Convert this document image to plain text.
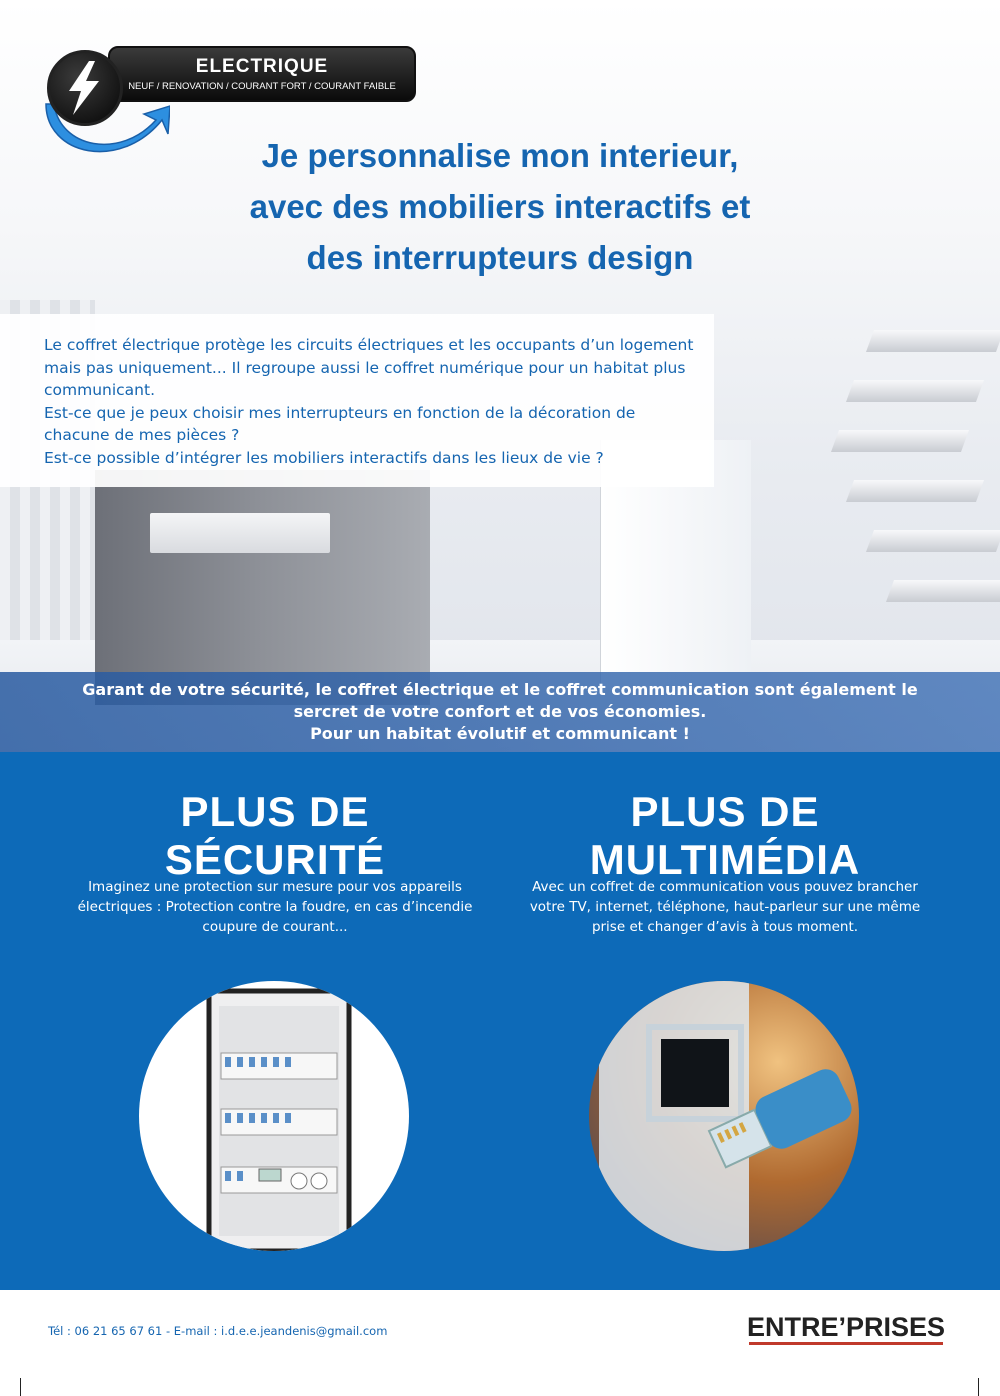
ELECTRIQUE
NEUF / RENOVATION / COURANT FORT / COURANT FAIBLE
Je personnalise mon interieur,
avec des mobiliers interactifs et
des interrupteurs design

Le coffret électrique protège les circuits électriques et les occupants d’un logement mais pas uniquement... Il regroupe aussi le coffret numérique pour un habitat plus communicant.

Est-ce que je peux choisir mes interrupteurs en fonction de la décoration de chacune de mes pièces ?

Est-ce possible d’intégrer les mobiliers interactifs dans les lieux de vie ?

Garant de votre sécurité, le coffret électrique et le coffret communication sont également le
sercret de votre confort et de vos économies.
Pour un habitat évolutif et communicant !
PLUS DE
SÉCURITÉ
Imaginez une protection sur mesure pour vos appareils électriques : Protection contre la foudre, en cas d’incendie coupure de courant...
PLUS DE
MULTIMÉDIA
Avec un coffret de communication vous pouvez brancher votre TV, internet, téléphone, haut-parleur sur une même prise et changer d’avis à tous moment.
Tél : 06 21 65 67 61 - E-mail : i.d.e.e.jeandenis@gmail.com	ENTRE’PRISES
